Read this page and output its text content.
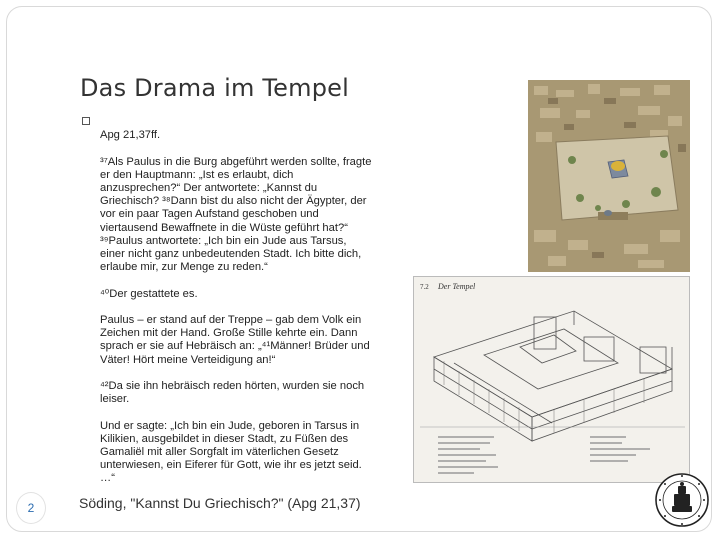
Das Drama im Tempel

Apg 21,37ff.

³⁷Als Paulus in die Burg abgeführt werden sollte, fragte er den Hauptmann: „Ist es erlaubt, dich anzusprechen?“ Der antwortete: „Kannst du Griechisch? ³⁸Dann bist du also nicht der Ägypter, der vor ein paar Tagen Aufstand geschoben und viertausend Bewaffnete in die Wüste geführt hat?“ ³⁹Paulus antwortete: „Ich bin ein Jude aus Tarsus, einer nicht ganz unbedeutenden Stadt. Ich bitte dich, erlaube mir, zur Menge zu reden.“

⁴⁰Der gestattete es.

Paulus – er stand auf der Treppe – gab dem Volk ein Zeichen mit der Hand. Große Stille kehrte ein. Dann sprach er sie auf Hebräisch an: „⁴¹Männer! Brüder und Väter! Hört meine Verteidigung an!“

⁴²Da sie ihn hebräisch reden hörten, wurden sie noch leiser.

Und er sagte: „Ich bin ein Jude, geboren in Tarsus in Kilikien, ausgebildet in dieser Stadt, zu Füßen des Gamaliël mit aller Sorgfalt im väterlichen Gesetz unterwiesen, ein Eiferer für Gott, wie ihr es jetzt seid. …“

7.2 Der Tempel
2	Söding, "Kannst Du Griechisch?" (Apg 21,37)
